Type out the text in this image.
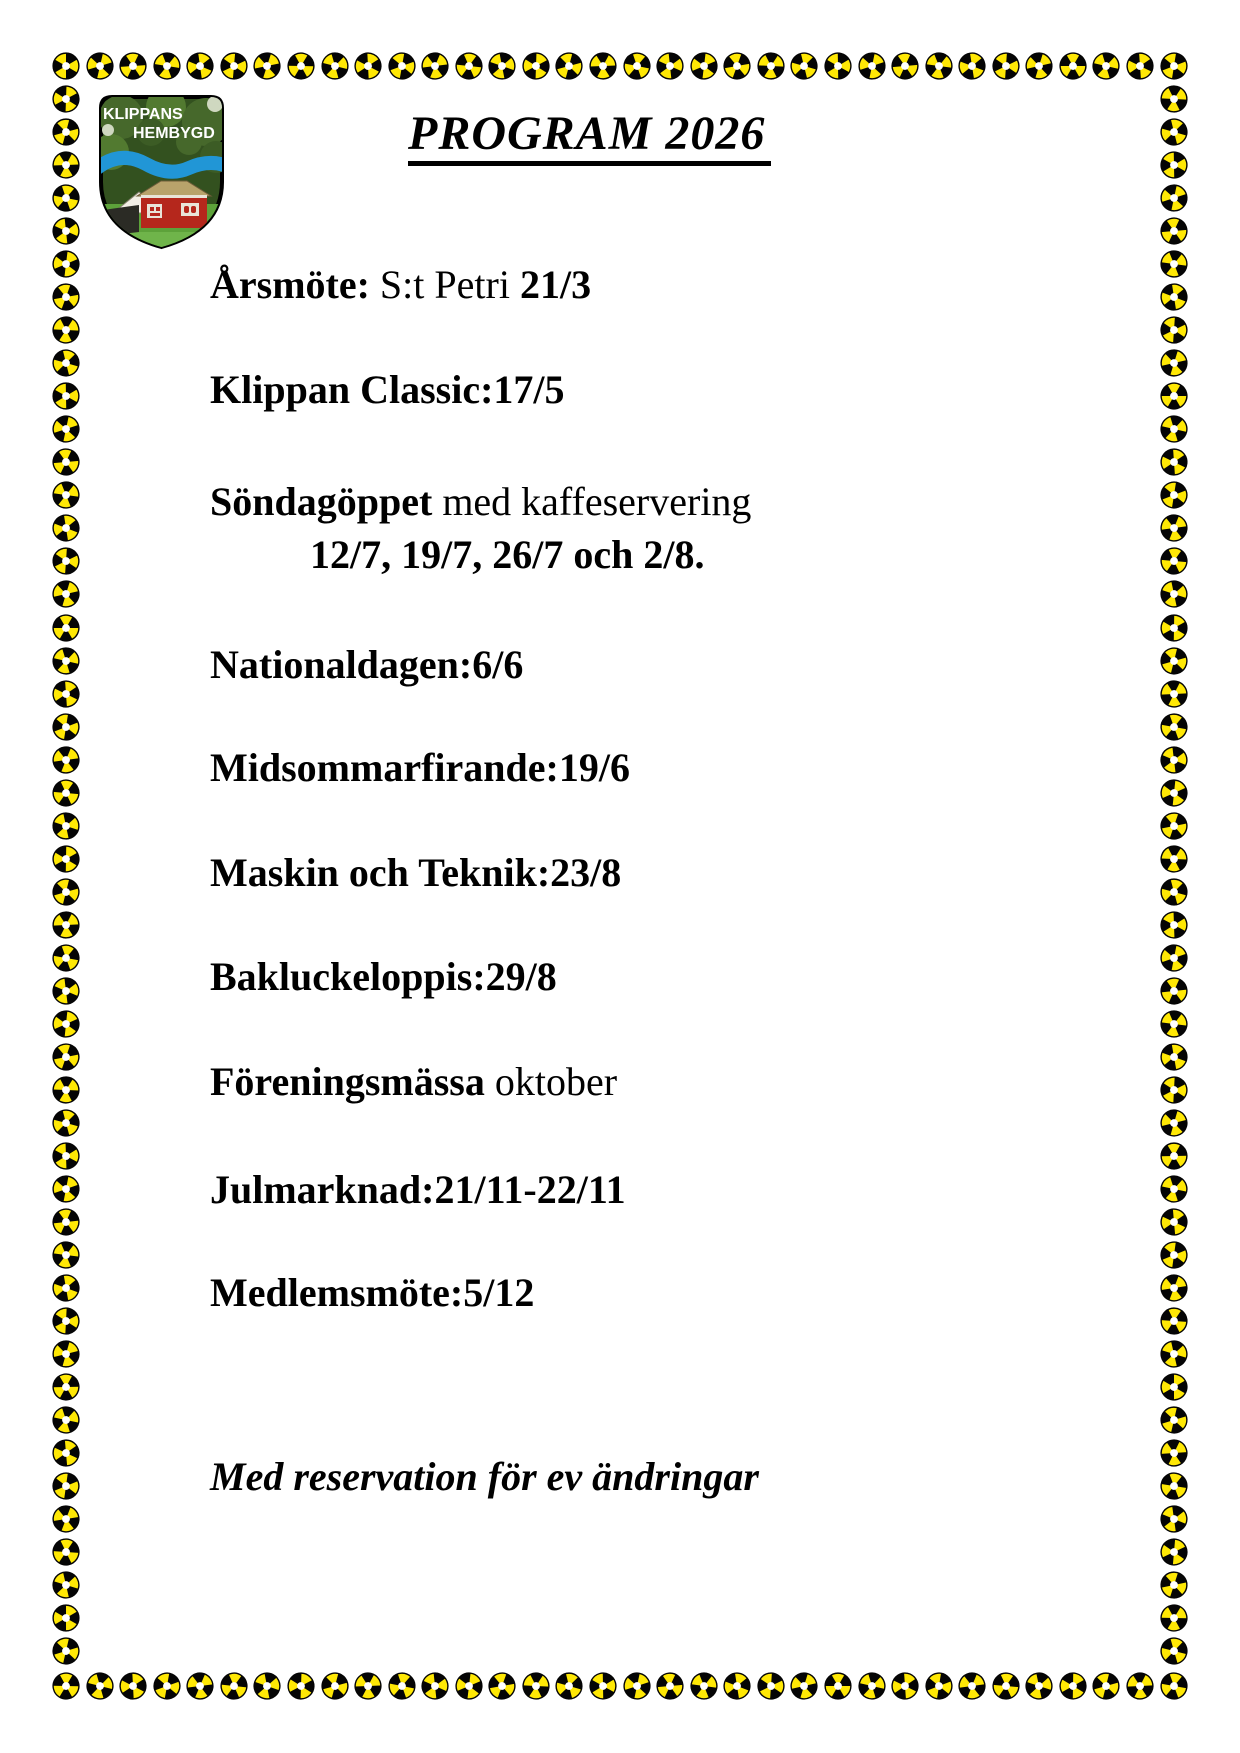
KLIPPANS
HEMBYGD	PROGRAM 2026
Årsmöte: S:t Petri 21/3
Klippan Classic:17/5
Söndagöppet med kaffeservering
12/7, 19/7, 26/7 och 2/8.
Nationaldagen:6/6
Midsommarfirande:19/6
Maskin och Teknik:23/8
Bakluckeloppis:29/8
Föreningsmässa oktober
Julmarknad:21/11-22/11
Medlemsmöte:5/12
Med reservation för ev ändringar
